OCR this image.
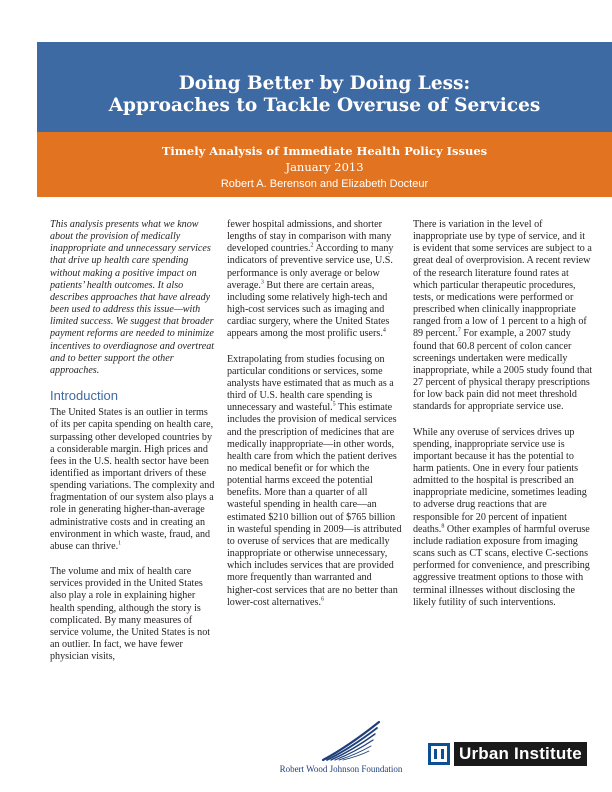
Doing Better by Doing Less:
Approaches to Tackle Overuse of Services
Timely Analysis of Immediate Health Policy Issues
January 2013
Robert A. Berenson and Elizabeth Docteur

This analysis presents what we know about the provision of medically inappropriate and unnecessary services that drive up health care spending without making a positive impact on patients’ health outcomes. It also describes approaches that have already been used to address this issue—with limited success. We suggest that broader payment reforms are needed to minimize incentives to overdiagnose and overtreat and to better support the other approaches.

Introduction

The United States is an outlier in terms of its per capita spending on health care, surpassing other developed countries by a considerable margin. High prices and fees in the U.S. health sector have been identified as important drivers of these spending variations. The complexity and fragmentation of our system also plays a role in generating higher-than-average administrative costs and in creating an environment in which waste, fraud, and abuse can thrive.$^1$

The volume and mix of health care services provided in the United States also play a role in explaining higher health spending, although the story is complicated. By many measures of service volume, the United States is not an outlier. In fact, we have fewer physician visits,

fewer hospital admissions, and shorter lengths of stay in comparison with many developed countries.$^2$ According to many indicators of preventive service use, U.S. performance is only average or below average.$^3$ But there are certain areas, including some relatively high-tech and high-cost services such as imaging and cardiac surgery, where the United States appears among the most prolific users.$^4$

Extrapolating from studies focusing on particular conditions or services, some analysts have estimated that as much as a third of U.S. health care spending is unnecessary and wasteful.$^5$ This estimate includes the provision of medical services and the prescription of medicines that are medically inappropriate—in other words, health care from which the patient derives no medical benefit or for which the potential harms exceed the potential benefits. More than a quarter of all wasteful spending in health care—an estimated $210 billion out of $765 billion in wasteful spending in 2009—is attributed to overuse of services that are medically inappropriate or otherwise unnecessary, which includes services that are provided more frequently than warranted and higher-cost services that are no better than lower-cost alternatives.$^6$

There is variation in the level of inappropriate use by type of service, and it is evident that some services are subject to a great deal of overprovision. A recent review of the research literature found rates at which particular therapeutic procedures, tests, or medications were performed or prescribed when clinically inappropriate ranged from a low of 1 percent to a high of 89 percent.$^7$ For example, a 2007 study found that 60.8 percent of colon cancer screenings undertaken were medically inappropriate, while a 2005 study found that 27 percent of physical therapy prescriptions for low back pain did not meet threshold standards for appropriate service use.

While any overuse of services drives up spending, inappropriate service use is important because it has the potential to harm patients. One in every four patients admitted to the hospital is prescribed an inappropriate medicine, sometimes leading to adverse drug reactions that are responsible for 20 percent of inpatient deaths.$^8$ Other examples of harmful overuse include radiation exposure from imaging scans such as CT scans, elective C-sections performed for convenience, and prescribing aggressive treatment options to those with terminal illnesses without disclosing the likely futility of such interventions.

Robert Wood Johnson Foundation
Urban Institute
